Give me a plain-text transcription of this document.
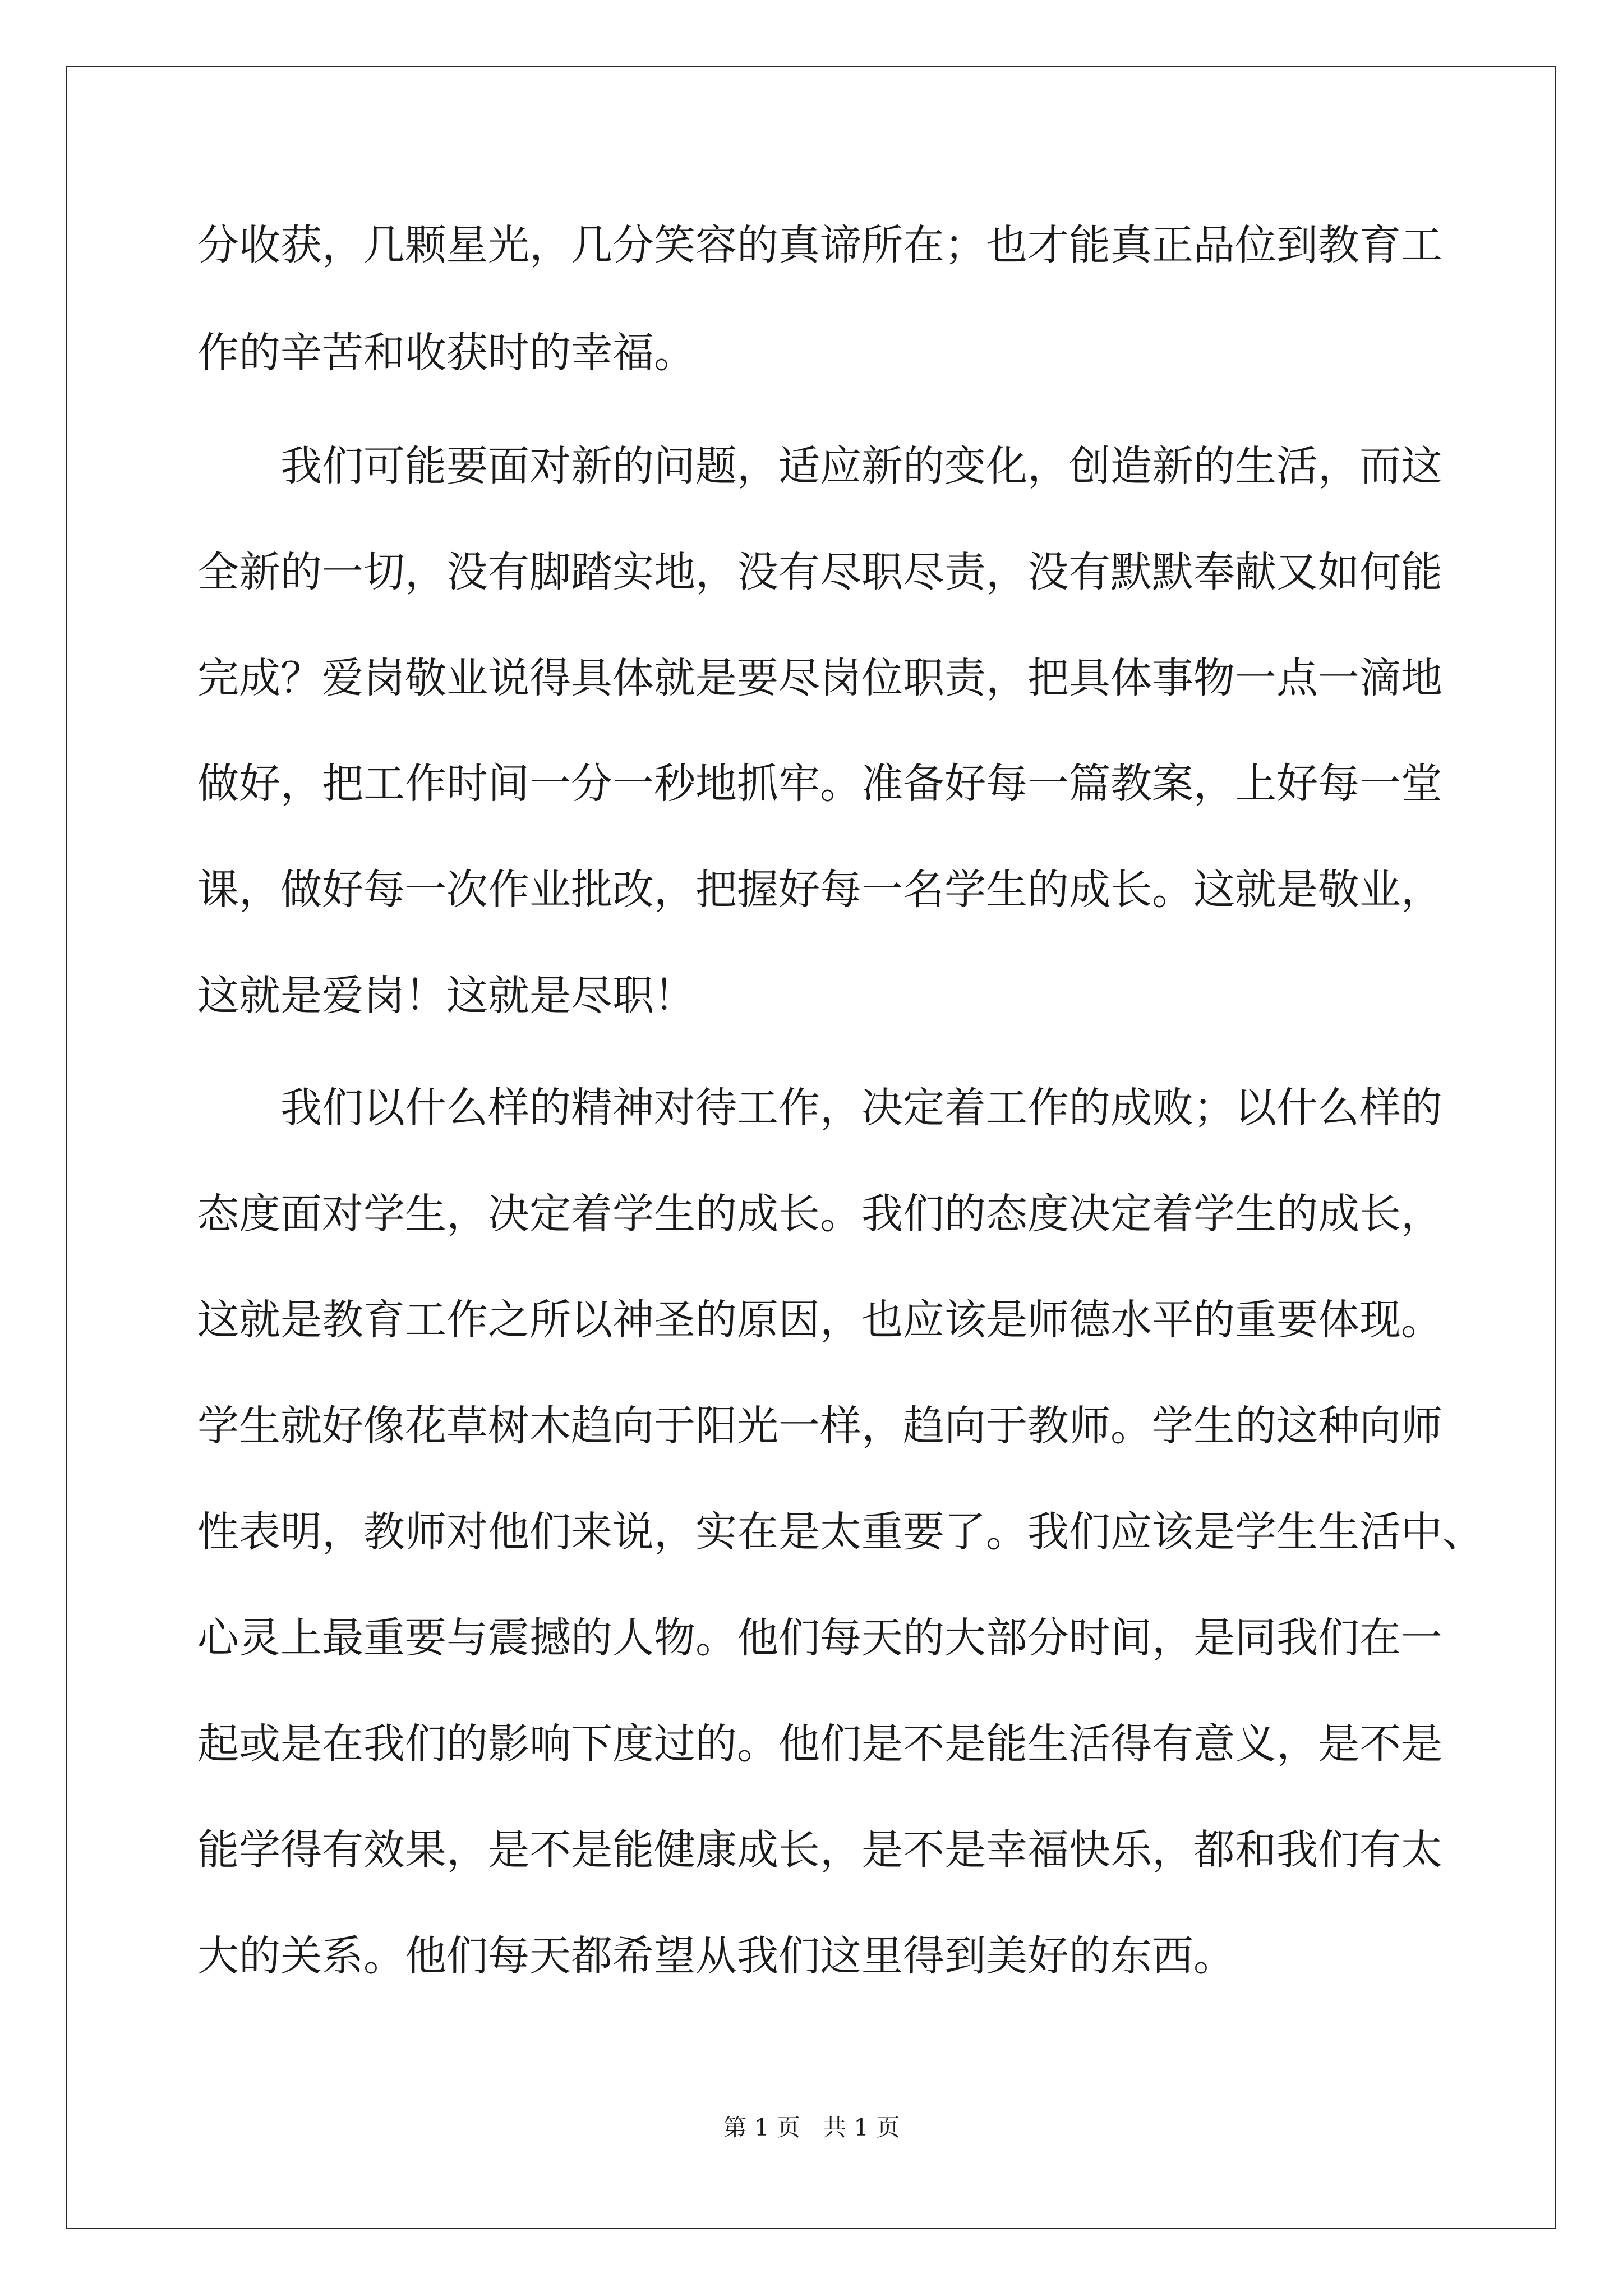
分收获，几颗星光，几分笑容的真谛所在；也才能真正品位到教育工
作的辛苦和收获时的幸福。
我们可能要面对新的问题，适应新的变化，创造新的生活，而这
全新的一切，没有脚踏实地，没有尽职尽责，没有默默奉献又如何能
完成？爱岗敬业说得具体就是要尽岗位职责，把具体事物一点一滴地
做好，把工作时间一分一秒地抓牢。准备好每一篇教案，上好每一堂
课，做好每一次作业批改，把握好每一名学生的成长。这就是敬业，
这就是爱岗！这就是尽职！
我们以什么样的精神对待工作，决定着工作的成败；以什么样的
态度面对学生，决定着学生的成长。我们的态度决定着学生的成长，
这就是教育工作之所以神圣的原因，也应该是师德水平的重要体现。
学生就好像花草树木趋向于阳光一样，趋向于教师。学生的这种向师
性表明，教师对他们来说，实在是太重要了。我们应该是学生生活中、
心灵上最重要与震撼的人物。他们每天的大部分时间，是同我们在一
起或是在我们的影响下度过的。他们是不是能生活得有意义，是不是
能学得有效果，是不是能健康成长，是不是幸福快乐，都和我们有太
大的关系。他们每天都希望从我们这里得到美好的东西。
第 1 页   共 1 页
